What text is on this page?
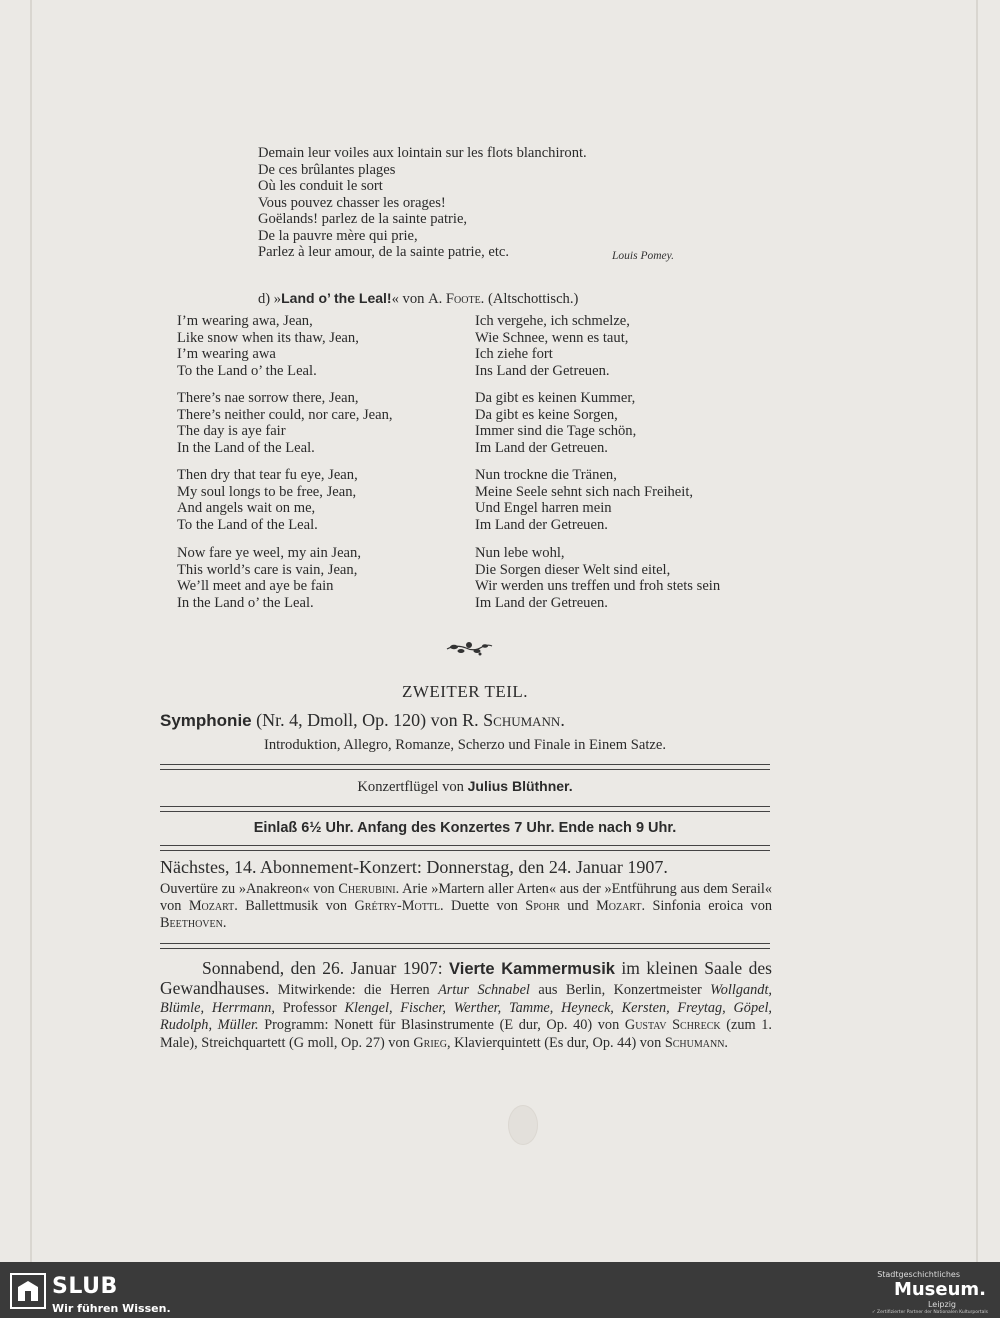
Demain leur voiles aux lointain sur les flots blanchiront.
De ces brûlantes plages
Où les conduit le sort
Vous pouvez chasser les orages!
Goëlands! parlez de la sainte patrie,
De la pauvre mère qui prie,
Parlez à leur amour, de la sainte patrie, etc.	Louis Pomey.
d) »Land o’ the Leal!« von A. Foote. (Altschottisch.)
I’m wearing awa, Jean,
Like snow when its thaw, Jean,
I’m wearing awa
To the Land o’ the Leal.
There’s nae sorrow there, Jean,
There’s neither could, nor care, Jean,
The day is aye fair
In the Land of the Leal.
Then dry that tear fu eye, Jean,
My soul longs to be free, Jean,
And angels wait on me,
To the Land of the Leal.
Now fare ye weel, my ain Jean,
This world’s care is vain, Jean,
We’ll meet and aye be fain
In the Land o’ the Leal.
Ich vergehe, ich schmelze,
Wie Schnee, wenn es taut,
Ich ziehe fort
Ins Land der Getreuen.
Da gibt es keinen Kummer,
Da gibt es keine Sorgen,
Immer sind die Tage schön,
Im Land der Getreuen.
Nun trockne die Tränen,
Meine Seele sehnt sich nach Freiheit,
Und Engel harren mein
Im Land der Getreuen.
Nun lebe wohl,
Die Sorgen dieser Welt sind eitel,
Wir werden uns treffen und froh stets sein
Im Land der Getreuen.
ZWEITER TEIL.
Symphonie (Nr. 4, Dmoll, Op. 120) von R. Schumann.
Introduktion, Allegro, Romanze, Scherzo und Finale in Einem Satze.
Konzertflügel von Julius Blüthner.
Einlaß 6½ Uhr. Anfang des Konzertes 7 Uhr. Ende nach 9 Uhr.
Nächstes, 14. Abonnement-Konzert: Donnerstag, den 24. Januar 1907.
Ouvertüre zu »Anakreon« von Cherubini. Arie »Martern aller Arten« aus der »Entführung aus dem Serail« von Mozart. Ballettmusik von Grétry-Mottl. Duette von Spohr und Mozart. Sinfonia eroica von Beethoven.
Sonnabend, den 26. Januar 1907: Vierte Kammermusik im kleinen Saale des Gewandhauses. Mitwirkende: die Herren Artur Schnabel aus Berlin, Konzertmeister Wollgandt, Blümle, Herrmann, Professor Klengel, Fischer, Werther, Tamme, Heyneck, Kersten, Freytag, Göpel, Rudolph, Müller. Programm: Nonett für Blasinstrumente (E dur, Op. 40) von Gustav Schreck (zum 1. Male), Streichquartett (G moll, Op. 27) von Grieg, Klavierquintett (Es dur, Op. 44) von Schumann.
SLUB
Wir führen Wissen.
Stadtgeschichtliches
Museum.
Leipzig
✓ Zertifizierter Partner der Nationalen Kulturportals
